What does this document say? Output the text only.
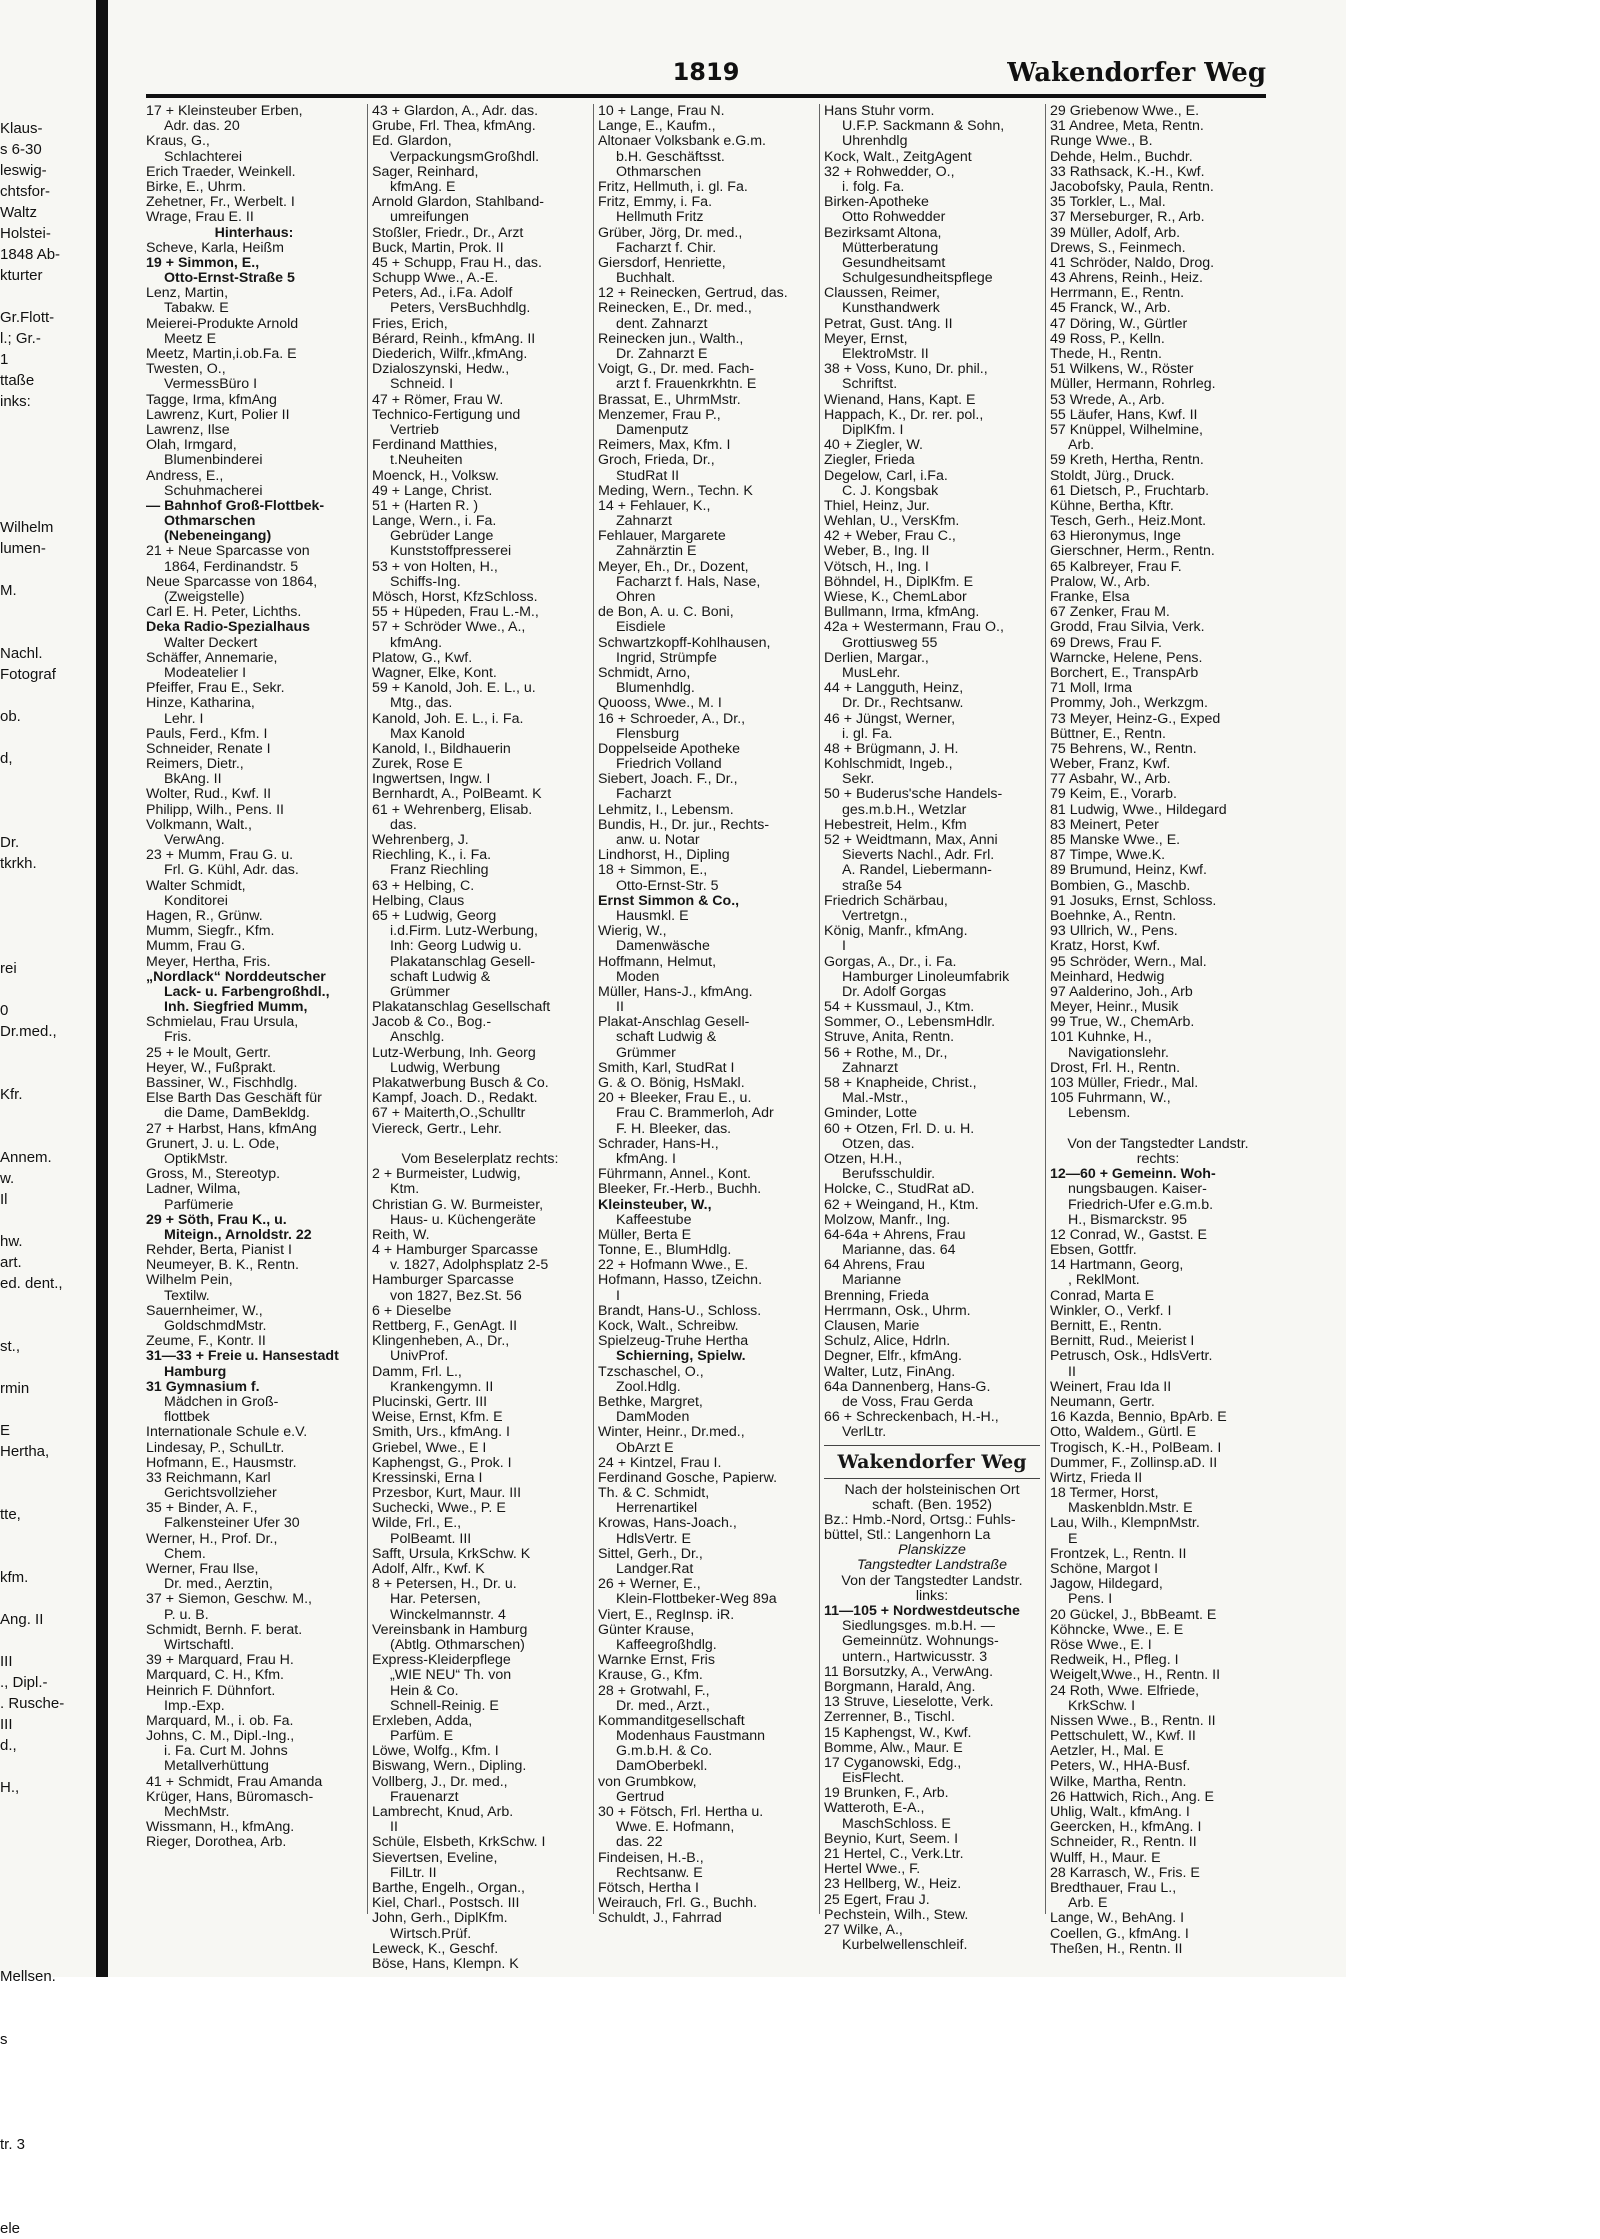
Klaus-
s 6-30
leswig-
chtsfor-
Waltz
Holstei-
1848 Ab-
kturter
Gr.Flott-
l.; Gr.-
1
ttaße
inks:
Wilhelm
lumen-
M.
Nachl.
Fotograf
ob.
d,
Dr.
tkrkh.
rei
0
Dr.med.,
Kfr.
Annem.
w.
Il
hw.
art.
ed. dent.,
st.,
rmin
E
Hertha,
tte,
kfm.
Ang. II
III
., Dipl.-
. Rusche-
III
d.,
H.,
Mellsen.
s
tr. 3
ele
1819	Wakendorfer Weg
17 + Kleinsteuber Erben,
Adr. das. 20
Kraus, G.,
Schlachterei
Erich Traeder, Weinkell.
Birke, E., Uhrm.
Zehetner, Fr., Werbelt. I
Wrage, Frau E. II
Hinterhaus:
Scheve, Karla, Heißm
19 + Simmon, E.,
Otto-Ernst-Straße 5
Lenz, Martin,
Tabakw. E
Meierei-Produkte Arnold
Meetz E
Meetz, Martin,i.ob.Fa. E
Twesten, O.,
VermessBüro I
Tagge, Irma, kfmAng
Lawrenz, Kurt, Polier II
Lawrenz, Ilse
Olah, Irmgard,
Blumenbinderei
Andress, E.,
Schuhmacherei
— Bahnhof Groß-Flottbek-
Othmarschen
(Nebeneingang)
21 + Neue Sparcasse von
1864, Ferdinandstr. 5
Neue Sparcasse von 1864,
(Zweigstelle)
Carl E. H. Peter, Lichths.
Deka Radio-Spezialhaus
Walter Deckert
Schäffer, Annemarie,
Modeatelier I
Pfeiffer, Frau E., Sekr.
Hinze, Katharina,
Lehr. I
Pauls, Ferd., Kfm. I
Schneider, Renate I
Reimers, Dietr.,
BkAng. II
Wolter, Rud., Kwf. II
Philipp, Wilh., Pens. II
Volkmann, Walt.,
VerwAng.
23 + Mumm, Frau G. u.
Frl. G. Kühl, Adr. das.
Walter Schmidt,
Konditorei
Hagen, R., Grünw.
Mumm, Siegfr., Kfm.
Mumm, Frau G.
Meyer, Hertha, Fris.
„Nordlack“ Norddeutscher
Lack- u. Farbengroßhdl.,
Inh. Siegfried Mumm,
Schmielau, Frau Ursula,
Fris.
25 + le Moult, Gertr.
Heyer, W., Fußprakt.
Bassiner, W., Fischhdlg.
Else Barth Das Geschäft für
die Dame, DamBekldg.
27 + Harbst, Hans, kfmAng
Grunert, J. u. L. Ode,
OptikMstr.
Gross, M., Stereotyp.
Ladner, Wilma,
Parfümerie
29 + Söth, Frau K., u.
Miteign., Arnoldstr. 22
Rehder, Berta, Pianist I
Neumeyer, B. K., Rentn.
Wilhelm Pein,
Textilw.
Sauernheimer, W.,
GoldschmdMstr.
Zeume, F., Kontr. II
31—33 + Freie u. Hansestadt
Hamburg
31 Gymnasium f.
Mädchen in Groß-
flottbek
Internationale Schule e.V.
Lindesay, P., SchulLtr.
Hofmann, E., Hausmstr.
33 Reichmann, Karl
Gerichtsvollzieher
35 + Binder, A. F.,
Falkensteiner Ufer 30
Werner, H., Prof. Dr.,
Chem.
Werner, Frau Ilse,
Dr. med., Aerztin,
37 + Siemon, Geschw. M.,
P. u. B.
Schmidt, Bernh. F. berat.
Wirtschaftl.
39 + Marquard, Frau H.
Marquard, C. H., Kfm.
Heinrich F. Dühnfort.
Imp.-Exp.
Marquard, M., i. ob. Fa.
Johns, C. M., Dipl.-Ing.,
i. Fa. Curt M. Johns
Metallverhüttung
41 + Schmidt, Frau Amanda
Krüger, Hans, Büromasch-
MechMstr.
Wissmann, H., kfmAng.
Rieger, Dorothea, Arb.
43 + Glardon, A., Adr. das.
Grube, Frl. Thea, kfmAng.
Ed. Glardon,
VerpackungsmGroßhdl.
Sager, Reinhard,
kfmAng. E
Arnold Glardon, Stahlband-
umreifungen
Stoßler, Friedr., Dr., Arzt
Buck, Martin, Prok. II
45 + Schupp, Frau H., das.
Schupp Wwe., A.-E.
Peters, Ad., i.Fa. Adolf
Peters, VersBuchhdlg.
Fries, Erich,
Bérard, Reinh., kfmAng. II
Diederich, Wilfr.,kfmAng.
Dzialoszynski, Hedw.,
Schneid. I
47 + Römer, Frau W.
Technico-Fertigung und
Vertrieb
Ferdinand Matthies,
t.Neuheiten
Moenck, H., Volksw.
49 + Lange, Christ.
51 + (Harten R. )
Lange, Wern., i. Fa.
Gebrüder Lange
Kunststoffpresserei
53 + von Holten, H.,
Schiffs-Ing.
Mösch, Horst, KfzSchloss.
55 + Hüpeden, Frau L.-M.,
57 + Schröder Wwe., A.,
kfmAng.
Platow, G., Kwf.
Wagner, Elke, Kont.
59 + Kanold, Joh. E. L., u.
Mtg., das.
Kanold, Joh. E. L., i. Fa.
Max Kanold
Kanold, I., Bildhauerin
Zurek, Rose E
Ingwertsen, Ingw. I
Bernhardt, A., PolBeamt. K
61 + Wehrenberg, Elisab.
das.
Wehrenberg, J.
Riechling, K., i. Fa.
Franz Riechling
63 + Helbing, C.
Helbing, Claus
65 + Ludwig, Georg
i.d.Firm. Lutz-Werbung,
Inh: Georg Ludwig u.
Plakatanschlag Gesell-
schaft Ludwig &
Grümmer
Plakatanschlag Gesellschaft
Jacob & Co., Bog.-
Anschlg.
Lutz-Werbung, Inh. Georg
Ludwig, Werbung
Plakatwerbung Busch & Co.
Kampf, Joach. D., Redakt.
67 + Maiterth,O.,Schulltr
Viereck, Gertr., Lehr.
Vom Beselerplatz rechts:
2 + Burmeister, Ludwig,
Ktm.
Christian G. W. Burmeister,
Haus- u. Küchengeräte
Reith, W.
4 + Hamburger Sparcasse
v. 1827, Adolphsplatz 2-5
Hamburger Sparcasse
von 1827, Bez.St. 56
6 + Dieselbe
Rettberg, F., GenAgt. II
Klingenheben, A., Dr.,
UnivProf.
Damm, Frl. L.,
Krankengymn. II
Plucinski, Gertr. III
Weise, Ernst, Kfm. E
Smith, Urs., kfmAng. I
Griebel, Wwe., E I
Kaphengst, G., Prok. I
Kressinski, Erna I
Przesbor, Kurt, Maur. III
Suchecki, Wwe., P. E
Wilde, Frl., E.,
PolBeamt. III
Safft, Ursula, KrkSchw. K
Adolf, Alfr., Kwf. K
8 + Petersen, H., Dr. u.
Har. Petersen,
Winckelmannstr. 4
Vereinsbank in Hamburg
(Abtlg. Othmarschen)
Express-Kleiderpflege
„WIE NEU“ Th. von
Hein & Co.
Schnell-Reinig. E
Erxleben, Adda,
Parfüm. E
Löwe, Wolfg., Kfm. I
Biswang, Wern., Dipling.
Vollberg, J., Dr. med.,
Frauenarzt
Lambrecht, Knud, Arb.
II
Schüle, Elsbeth, KrkSchw. I
Sievertsen, Eveline,
FilLtr. II
Barthe, Engelh., Organ.,
Kiel, Charl., Postsch. III
John, Gerh., DiplKfm.
Wirtsch.Prüf.
Leweck, K., Geschf.
Böse, Hans, Klempn. K
10 + Lange, Frau N.
Lange, E., Kaufm.,
Altonaer Volksbank e.G.m.
b.H. Geschäftsst.
Othmarschen
Fritz, Hellmuth, i. gl. Fa.
Fritz, Emmy, i. Fa.
Hellmuth Fritz
Grüber, Jörg, Dr. med.,
Facharzt f. Chir.
Giersdorf, Henriette,
Buchhalt.
12 + Reinecken, Gertrud, das.
Reinecken, E., Dr. med.,
dent. Zahnarzt
Reinecken jun., Walth.,
Dr. Zahnarzt E
Voigt, G., Dr. med. Fach-
arzt f. Frauenkrkhtn. E
Brassat, E., UhrmMstr.
Menzemer, Frau P.,
Damenputz
Reimers, Max, Kfm. I
Groch, Frieda, Dr.,
StudRat II
Meding, Wern., Techn. K
14 + Fehlauer, K.,
Zahnarzt
Fehlauer, Margarete
Zahnärztin E
Meyer, Eh., Dr., Dozent,
Facharzt f. Hals, Nase,
Ohren
de Bon, A. u. C. Boni,
Eisdiele
Schwartzkopff-Kohlhausen,
Ingrid, Strümpfe
Schmidt, Arno,
Blumenhdlg.
Quooss, Wwe., M. I
16 + Schroeder, A., Dr.,
Flensburg
Doppelseide Apotheke
Friedrich Volland
Siebert, Joach. F., Dr.,
Facharzt
Lehmitz, I., Lebensm.
Bundis, H., Dr. jur., Rechts-
anw. u. Notar
Lindhorst, H., Dipling
18 + Simmon, E.,
Otto-Ernst-Str. 5
Ernst Simmon & Co.,
Hausmkl. E
Wierig, W.,
Damenwäsche
Hoffmann, Helmut,
Moden
Müller, Hans-J., kfmAng.
II
Plakat-Anschlag Gesell-
schaft Ludwig &
Grümmer
Smith, Karl, StudRat I
G. & O. Bönig, HsMakl.
20 + Bleeker, Frau E., u.
Frau C. Brammerloh, Adr
F. H. Bleeker, das.
Schrader, Hans-H.,
kfmAng. I
Führmann, Annel., Kont.
Bleeker, Fr.-Herb., Buchh.
Kleinsteuber, W.,
Kaffeestube
Müller, Berta E
Tonne, E., BlumHdlg.
22 + Hofmann Wwe., E.
Hofmann, Hasso, tZeichn.
I
Brandt, Hans-U., Schloss.
Kock, Walt., Schreibw.
Spielzeug-Truhe Hertha
Schierning, Spielw.
Tzschaschel, O.,
Zool.Hdlg.
Bethke, Margret,
DamModen
Winter, Heinr., Dr.med.,
ObArzt E
24 + Kintzel, Frau I.
Ferdinand Gosche, Papierw.
Th. & C. Schmidt,
Herrenartikel
Krowas, Hans-Joach.,
HdlsVertr. E
Sittel, Gerh., Dr.,
Landger.Rat
26 + Werner, E.,
Klein-Flottbeker-Weg 89a
Viert, E., RegInsp. iR.
Günter Krause,
Kaffeegroßhdlg.
Warnke Ernst, Fris
Krause, G., Kfm.
28 + Grotwahl, F.,
Dr. med., Arzt.,
Kommanditgesellschaft
Modenhaus Faustmann
G.m.b.H. & Co.
DamOberbekl.
von Grumbkow,
Gertrud
30 + Fötsch, Frl. Hertha u.
Wwe. E. Hofmann,
das. 22
Findeisen, H.-B.,
Rechtsanw. E
Fötsch, Hertha I
Weirauch, Frl. G., Buchh.
Schuldt, J., Fahrrad
Hans Stuhr vorm.
U.F.P. Sackmann & Sohn,
Uhrenhdlg
Kock, Walt., ZeitgAgent
32 + Rohwedder, O.,
i. folg. Fa.
Birken-Apotheke
Otto Rohwedder
Bezirksamt Altona,
Mütterberatung
Gesundheitsamt
Schulgesundheitspflege
Claussen, Reimer,
Kunsthandwerk
Petrat, Gust. tAng. II
Meyer, Ernst,
ElektroMstr. II
38 + Voss, Kuno, Dr. phil.,
Schriftst.
Wienand, Hans, Kapt. E
Happach, K., Dr. rer. pol.,
DiplKfm. I
40 + Ziegler, W.
Ziegler, Frieda
Degelow, Carl, i.Fa.
C. J. Kongsbak
Thiel, Heinz, Jur.
Wehlan, U., VersKfm.
42 + Weber, Frau C.,
Weber, B., Ing. II
Vötsch, H., Ing. I
Böhndel, H., DiplKfm. E
Wiese, K., ChemLabor
Bullmann, Irma, kfmAng.
42a + Westermann, Frau O.,
Grottiusweg 55
Derlien, Margar.,
MusLehr.
44 + Langguth, Heinz,
Dr. Dr., Rechtsanw.
46 + Jüngst, Werner,
i. gl. Fa.
48 + Brügmann, J. H.
Kohlschmidt, Ingeb.,
Sekr.
50 + Buderus'sche Handels-
ges.m.b.H., Wetzlar
Hebestreit, Helm., Kfm
52 + Weidtmann, Max, Anni
Sieverts Nachl., Adr. Frl.
A. Randel, Liebermann-
straße 54
Friedrich Schärbau,
Vertretgn.,
König, Manfr., kfmAng.
I
Gorgas, A., Dr., i. Fa.
Hamburger Linoleumfabrik
Dr. Adolf Gorgas
54 + Kussmaul, J., Ktm.
Sommer, O., LebensmHdlr.
Struve, Anita, Rentn.
56 + Rothe, M., Dr.,
Zahnarzt
58 + Knapheide, Christ.,
Mal.-Mstr.,
Gminder, Lotte
60 + Otzen, Frl. D. u. H.
Otzen, das.
Otzen, H.H.,
Berufsschuldir.
Holcke, C., StudRat aD.
62 + Weingand, H., Ktm.
Molzow, Manfr., Ing.
64-64a + Ahrens, Frau
Marianne, das. 64
64 Ahrens, Frau
Marianne
Brenning, Frieda
Herrmann, Osk., Uhrm.
Clausen, Marie
Schulz, Alice, Hdrln.
Degner, Elfr., kfmAng.
Walter, Lutz, FinAng.
64a Dannenberg, Hans-G.
de Voss, Frau Gerda
66 + Schreckenbach, H.-H.,
VerlLtr.
Wakendorfer Weg
Nach der holsteinischen Ort
schaft. (Ben. 1952)
Bz.: Hmb.-Nord, Ortsg.: Fuhls-
büttel, Stl.: Langenhorn La
Planskizze
Tangstedter Landstraße
Von der Tangstedter Landstr.
links:
11—105 + Nordwestdeutsche
Siedlungsges. m.b.H. —
Gemeinnütz. Wohnungs-
untern., Hartwicusstr. 3
11 Borsutzky, A., VerwAng.
Borgmann, Harald, Ang.
13 Struve, Lieselotte, Verk.
Zerrenner, B., Tischl.
15 Kaphengst, W., Kwf.
Bomme, Alw., Maur. E
17 Cyganowski, Edg.,
EisFlecht.
19 Brunken, F., Arb.
Watteroth, E-A.,
MaschSchloss. E
Beynio, Kurt, Seem. I
21 Hertel, C., Verk.Ltr.
Hertel Wwe., F.
23 Hellberg, W., Heiz.
25 Egert, Frau J.
Pechstein, Wilh., Stew.
27 Wilke, A.,
Kurbelwellenschleif.
29 Griebenow Wwe., E.
31 Andree, Meta, Rentn.
Runge Wwe., B.
Dehde, Helm., Buchdr.
33 Rathsack, K.-H., Kwf.
Jacobofsky, Paula, Rentn.
35 Torkler, L., Mal.
37 Merseburger, R., Arb.
39 Müller, Adolf, Arb.
Drews, S., Feinmech.
41 Schröder, Naldo, Drog.
43 Ahrens, Reinh., Heiz.
Herrmann, E., Rentn.
45 Franck, W., Arb.
47 Döring, W., Gürtler
49 Ross, P., Kelln.
Thede, H., Rentn.
51 Wilkens, W., Röster
Müller, Hermann, Rohrleg.
53 Wrede, A., Arb.
55 Läufer, Hans, Kwf. II
57 Knüppel, Wilhelmine,
Arb.
59 Kreth, Hertha, Rentn.
Stoldt, Jürg., Druck.
61 Dietsch, P., Fruchtarb.
Kühne, Bertha, Kftr.
Tesch, Gerh., Heiz.Mont.
63 Hieronymus, Inge
Gierschner, Herm., Rentn.
65 Kalbreyer, Frau F.
Pralow, W., Arb.
Franke, Elsa
67 Zenker, Frau M.
Grodd, Frau Silvia, Verk.
69 Drews, Frau F.
Warncke, Helene, Pens.
Borchert, E., TranspArb
71 Moll, Irma
Prommy, Joh., Werkzgm.
73 Meyer, Heinz-G., Exped
Büttner, E., Rentn.
75 Behrens, W., Rentn.
Weber, Franz, Kwf.
77 Asbahr, W., Arb.
79 Keim, E., Vorarb.
81 Ludwig, Wwe., Hildegard
83 Meinert, Peter
85 Manske Wwe., E.
87 Timpe, Wwe.K.
89 Brumund, Heinz, Kwf.
Bombien, G., Maschb.
91 Josuks, Ernst, Schloss.
Boehnke, A., Rentn.
93 Ullrich, W., Pens.
Kratz, Horst, Kwf.
95 Schröder, Wern., Mal.
Meinhard, Hedwig
97 Aalderino, Joh., Arb
Meyer, Heinr., Musik
99 True, W., ChemArb.
101 Kuhnke, H.,
Navigationslehr.
Drost, Frl. H., Rentn.
103 Müller, Friedr., Mal.
105 Fuhrmann, W.,
Lebensm.
Von der Tangstedter Landstr.
rechts:
12—60 + Gemeinn. Woh-
nungsbaugen. Kaiser-
Friedrich-Ufer e.G.m.b.
H., Bismarckstr. 95
12 Conrad, W., Gastst. E
Ebsen, Gottfr.
14 Hartmann, Georg,
, ReklMont.
Conrad, Marta E
Winkler, O., Verkf. I
Bernitt, E., Rentn.
Bernitt, Rud., Meierist I
Petrusch, Osk., HdlsVertr.
II
Weinert, Frau Ida II
Neumann, Gertr.
16 Kazda, Bennio, BpArb. E
Otto, Waldem., Gürtl. E
Trogisch, K.-H., PolBeam. I
Dummer, F., Zollinsp.aD. II
Wirtz, Frieda II
18 Termer, Horst,
Maskenbldn.Mstr. E
Lau, Wilh., KlempnMstr.
E
Frontzek, L., Rentn. II
Schöne, Margot I
Jagow, Hildegard,
Pens. I
20 Gückel, J., BbBeamt. E
Köhncke, Wwe., E. E
Röse Wwe., E. I
Redweik, H., Pfleg. I
Weigelt,Wwe., H., Rentn. II
24 Roth, Wwe. Elfriede,
KrkSchw. I
Nissen Wwe., B., Rentn. II
Pettschulett, W., Kwf. II
Aetzler, H., Mal. E
Peters, W., HHA-Busf.
Wilke, Martha, Rentn.
26 Hattwich, Rich., Ang. E
Uhlig, Walt., kfmAng. I
Geercken, H., kfmAng. I
Schneider, R., Rentn. II
Wulff, H., Maur. E
28 Karrasch, W., Fris. E
Bredthauer, Frau L.,
Arb. E
Lange, W., BehAng. I
Coellen, G., kfmAng. I
Theßen, H., Rentn. II
